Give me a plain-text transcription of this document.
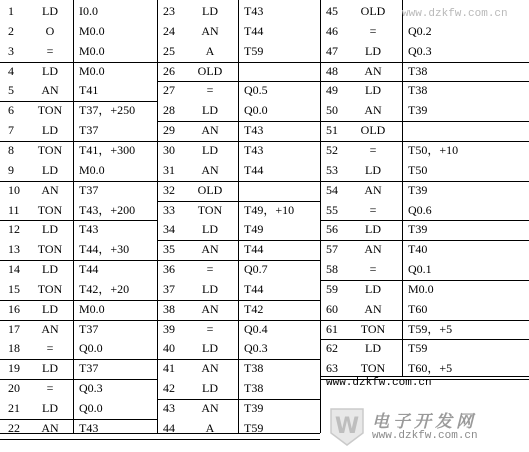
1	LD	I0.0
2	O	M0.0
3	=	M0.0
4	LD	M0.0
5	AN	T41
6	TON	T37，+250
7	LD	T37
8	TON	T41，+300
9	LD	M0.0
10	AN	T37
11	TON	T43，+200
12	LD	T43
13	TON	T44，+30
14	LD	T44
15	TON	T42，+20
16	LD	M0.0
17	AN	T37
18	=	Q0.0
19	LD	T37
20	=	Q0.3
21	LD	Q0.0
22	AN	T43
23	LD	T43
24	AN	T44
25	A	T59
26	OLD
27	=	Q0.5
28	LD	Q0.0
29	AN	T43
30	LD	T43
31	AN	T44
32	OLD
33	TON	T49，+10
34	LD	T49
35	AN	T44
36	=	Q0.7
37	LD	T44
38	AN	T42
39	=	Q0.4
40	LD	Q0.3
41	AN	T38
42	LD	T38
43	AN	T39
44	A	T59
45	OLD
46	=	Q0.2
47	LD	Q0.3
48	AN	T38
49	LD	T38
50	AN	T39
51	OLD
52	=	T50，+10
53	LD	T50
54	AN	T39
55	=	Q0.6
56	LD	T39
57	AN	T40
58	=	Q0.1
59	LD	M0.0
60	AN	T60
61	TON	T59，+5
62	LD	T59
63	TON	T60，+5
www.dzkfw.com.cn
www.dzkfw.com.cn
W 电子开发网
www.dzkfw.com.cn
